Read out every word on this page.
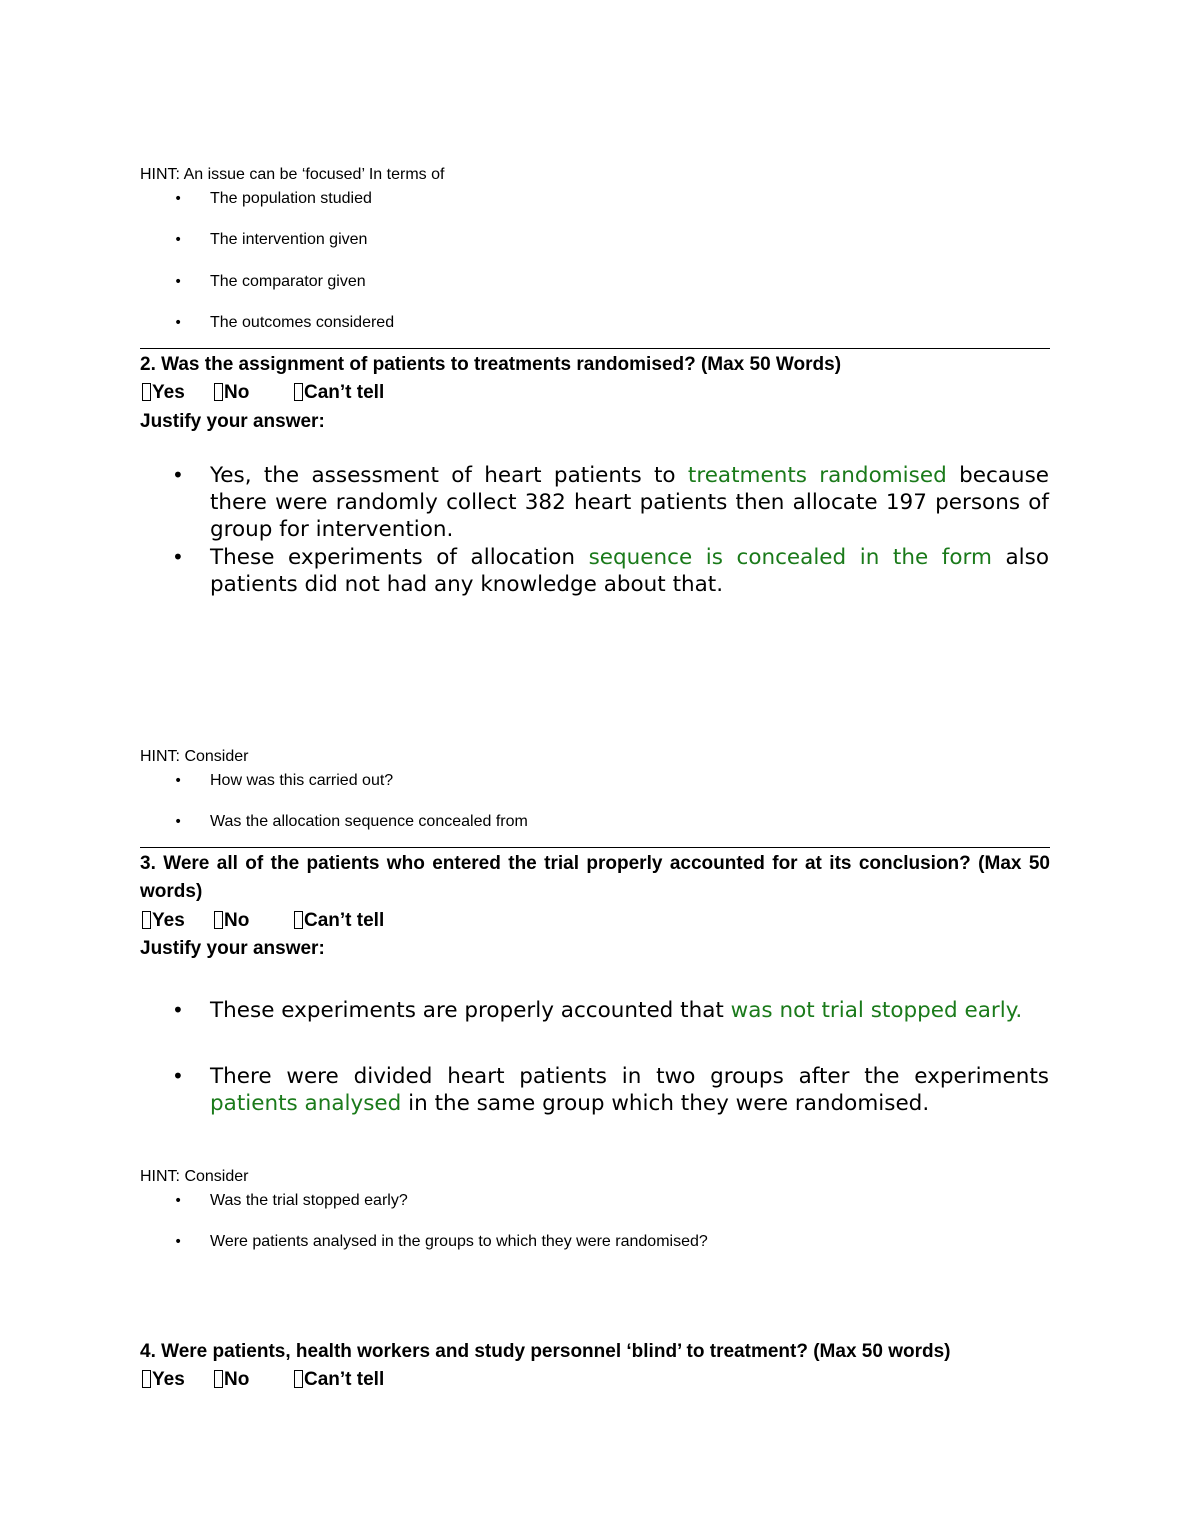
HINT: An issue can be ‘focused’ In terms of
• The population studied
• The intervention given
• The comparator given
• The outcomes considered
2. Was the assignment of patients to treatments randomised? (Max 50 Words)
Yes	No	Can’t tell
Justify your answer:
• Yes, the assessment of heart patients to treatments randomised because there were randomly collect 382 heart patients then allocate 197 persons of group for intervention.
• These experiments of allocation sequence is concealed in the form also patients did not had any knowledge about that.
HINT: Consider
• How was this carried out?
• Was the allocation sequence concealed from
3. Were all of the patients who entered the trial properly accounted for at its conclusion? (Max 50 words)
Yes	No	Can’t tell
Justify your answer:
• These experiments are properly accounted that was not trial stopped early.
• There were divided heart patients in two groups after the experiments patients analysed in the same group which they were randomised.
HINT: Consider
• Was the trial stopped early?
• Were patients analysed in the groups to which they were randomised?
4. Were patients, health workers and study personnel ‘blind’ to treatment? (Max 50 words)
Yes	No	Can’t tell
